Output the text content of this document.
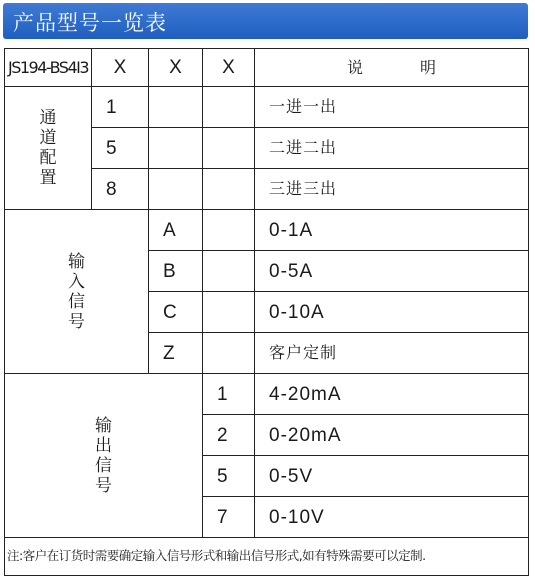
产品型号一览表
JS194-BS4I3	X	X	X	说 明
通道配置	1			一进一出
	5			二进二出
	8			三进三出
输入信号		A		0-1A
		B		0-5A
		C		0-10A
		Z		客户定制
输出信号			1	4-20mA
			2	0-20mA
			5	0-5V
			7	0-10V
注:客户在订货时需要确定输入信号形式和输出信号形式,如有特殊需要可以定制.				
